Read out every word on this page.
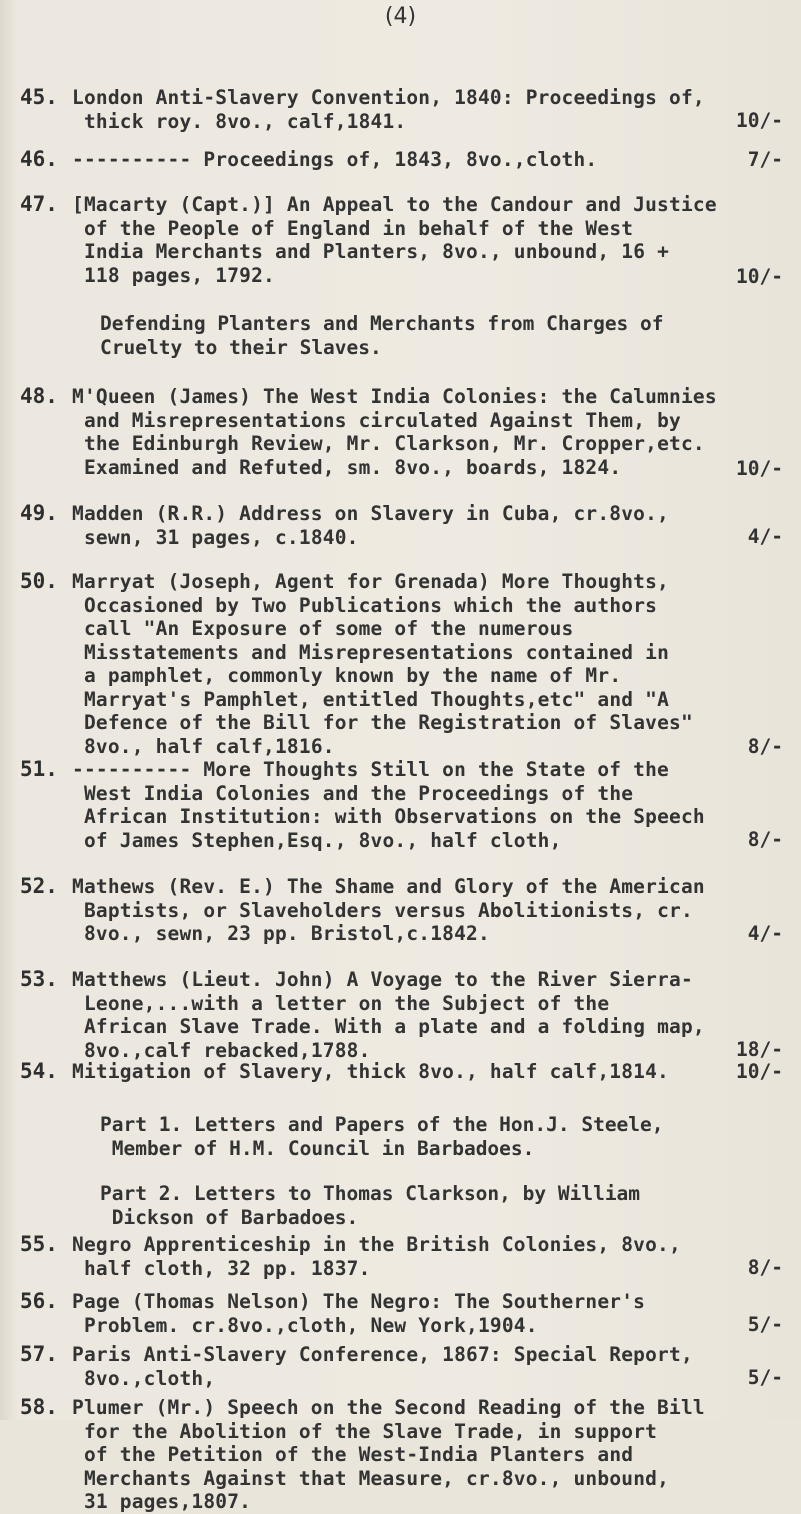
(4)
45. London Anti-Slavery Convention, 1840: Proceedings of,
thick roy. 8vo., calf,1841.	10/-
46. ---------- Proceedings of, 1843, 8vo.,cloth.	7/-
47. [Macarty (Capt.)] An Appeal to the Candour and Justice
of the People of England in behalf of the West
India Merchants and Planters, 8vo., unbound, 16 +
118 pages, 1792.	10/-
Defending Planters and Merchants from Charges of
Cruelty to their Slaves.
48. M'Queen (James) The West India Colonies: the Calumnies
and Misrepresentations circulated Against Them, by
the Edinburgh Review, Mr. Clarkson, Mr. Cropper,etc.
Examined and Refuted, sm. 8vo., boards, 1824.	10/-
49. Madden (R.R.) Address on Slavery in Cuba, cr.8vo.,
sewn, 31 pages, c.1840.	4/-
50. Marryat (Joseph, Agent for Grenada) More Thoughts,
Occasioned by Two Publications which the authors
call "An Exposure of some of the numerous
Misstatements and Misrepresentations contained in
a pamphlet, commonly known by the name of Mr.
Marryat's Pamphlet, entitled Thoughts,etc" and "A
Defence of the Bill for the Registration of Slaves"
8vo., half calf,1816.	8/-
51. ---------- More Thoughts Still on the State of the
West India Colonies and the Proceedings of the
African Institution: with Observations on the Speech
of James Stephen,Esq., 8vo., half cloth,	8/-
52. Mathews (Rev. E.) The Shame and Glory of the American
Baptists, or Slaveholders versus Abolitionists, cr.
8vo., sewn, 23 pp. Bristol,c.1842.	4/-
53. Matthews (Lieut. John) A Voyage to the River Sierra-
Leone,...with a letter on the Subject of the
African Slave Trade. With a plate and a folding map,
8vo.,calf rebacked,1788.	18/-
54. Mitigation of Slavery, thick 8vo., half calf,1814.	10/-
Part 1. Letters and Papers of the Hon.J. Steele,
Member of H.M. Council in Barbadoes.
Part 2. Letters to Thomas Clarkson, by William
Dickson of Barbadoes.
55. Negro Apprenticeship in the British Colonies, 8vo.,
half cloth, 32 pp. 1837.	8/-
56. Page (Thomas Nelson) The Negro: The Southerner's
Problem. cr.8vo.,cloth, New York,1904.	5/-
57. Paris Anti-Slavery Conference, 1867: Special Report,
8vo.,cloth,	5/-
58. Plumer (Mr.) Speech on the Second Reading of the Bill
for the Abolition of the Slave Trade, in support
of the Petition of the West-India Planters and
Merchants Against that Measure, cr.8vo., unbound,
31 pages,1807.
